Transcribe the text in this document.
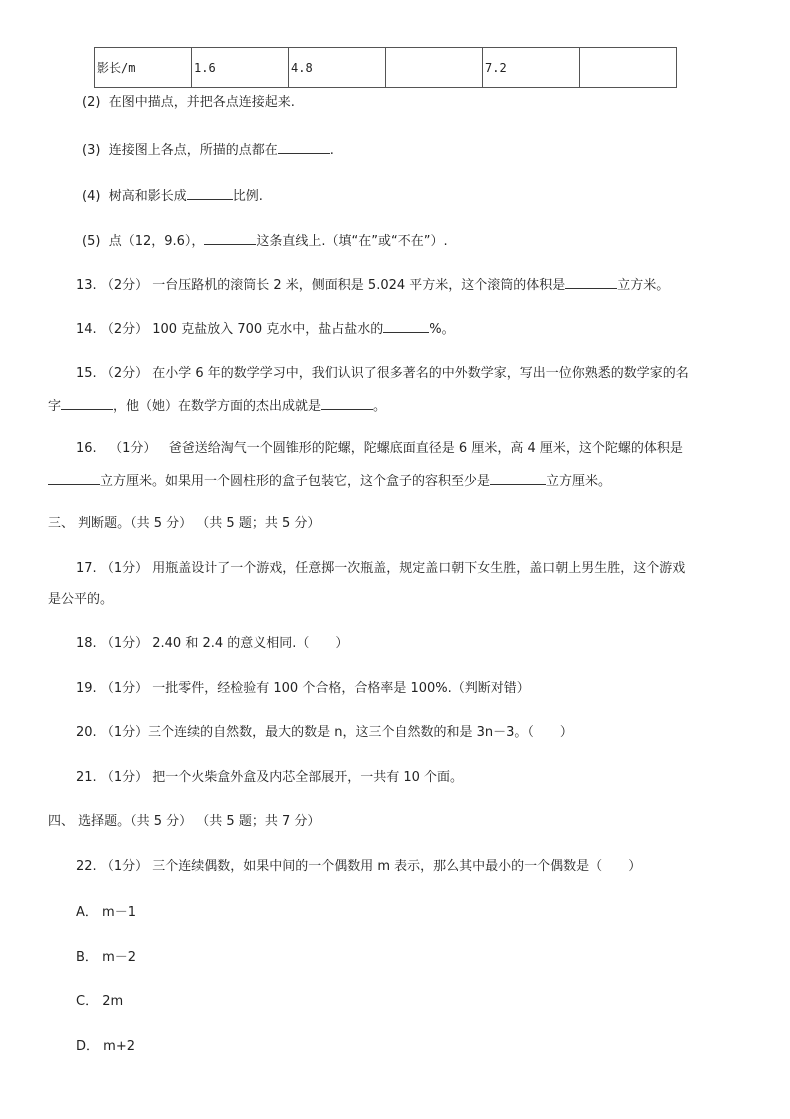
影长/m	1.6	4.8		7.2	
(2) 在图中描点，并把各点连接起来.
(3) 连接图上各点，所描的点都在	.
(4) 树高和影长成	比例.
(5) 点（12，9.6），	这条直线上.（填“在”或“不在”）.
13. （2分） 一台压路机的滚筒长 2 米，侧面积是 5.024 平方米，这个滚筒的体积是	立方米。
14. （2分） 100 克盐放入 700 克水中，盐占盐水的	%。
15. （2分） 在小学 6 年的数学学习中，我们认识了很多著名的中外数学家，写出一位你熟悉的数学家的名
字	，他（她）在数学方面的杰出成就是	。
16. （1分） 爸爸送给淘气一个圆锥形的陀螺，陀螺底面直径是 6 厘米，高 4 厘米，这个陀螺的体积是
立方厘米。如果用一个圆柱形的盒子包装它，这个盒子的容积至少是	立方厘米。
三、 判断题。（共 5 分） （共 5 题；共 5 分）
17. （1分） 用瓶盖设计了一个游戏，任意掷一次瓶盖，规定盖口朝下女生胜，盖口朝上男生胜，这个游戏
是公平的。
18. （1分） 2.40 和 2.4 的意义相同.（ ）
19. （1分） 一批零件，经检验有 100 个合格，合格率是 100%.（判断对错）
20. （1分）三个连续的自然数，最大的数是 n，这三个自然数的和是 3n－3。（ ）
21. （1分） 把一个火柴盒外盒及内芯全部展开，一共有 10 个面。
四、 选择题。（共 5 分） （共 5 题；共 7 分）
22. （1分） 三个连续偶数，如果中间的一个偶数用 m 表示，那么其中最小的一个偶数是（ ）
A． m－1
B． m－2
C． 2m
D． m+2
